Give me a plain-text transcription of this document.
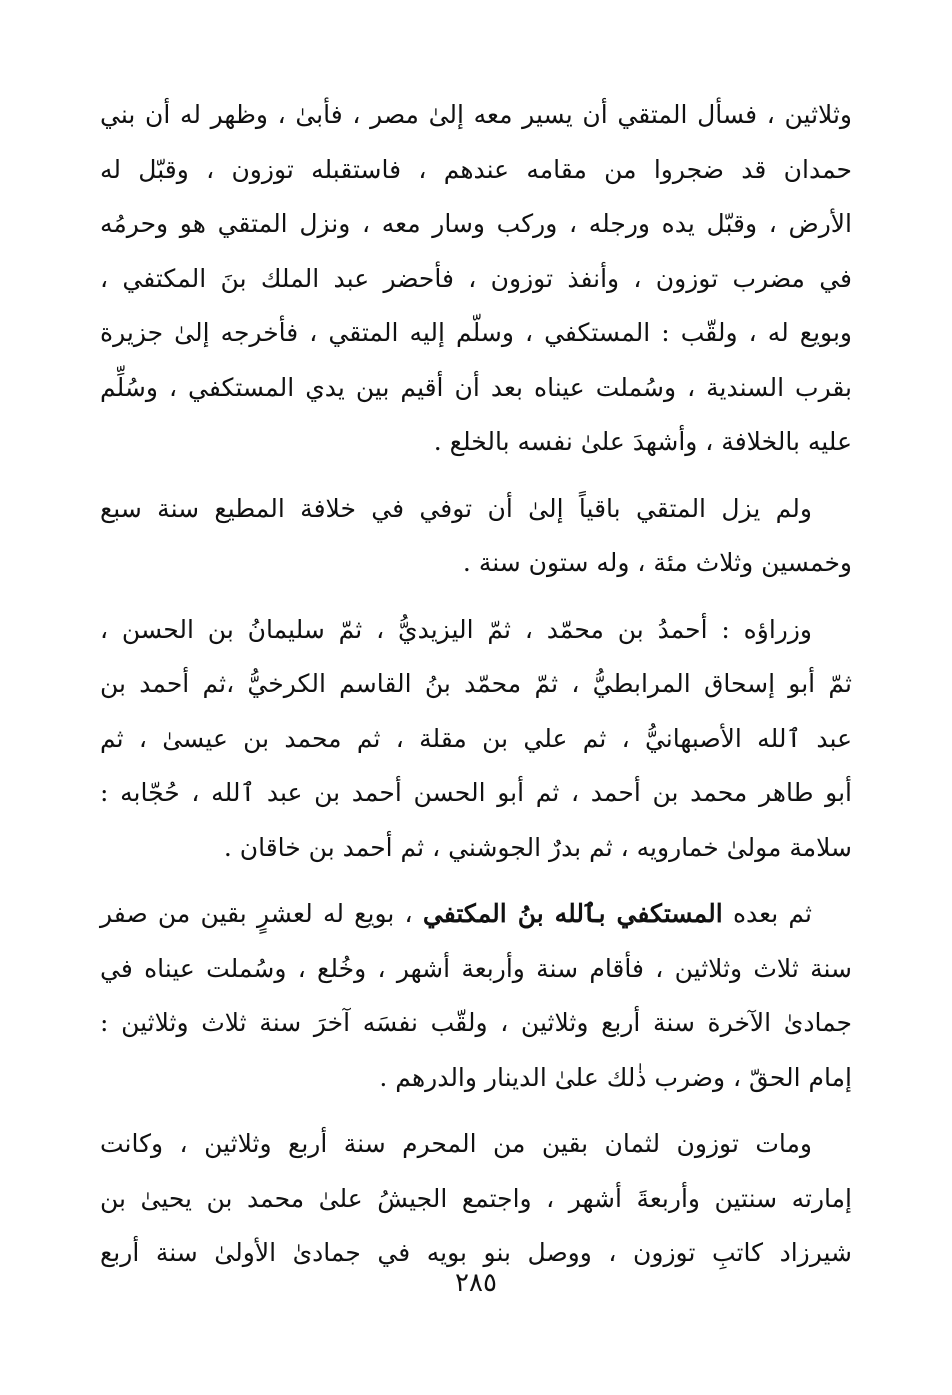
وثلاثين ، فسأل المتقي أن يسير معه إلىٰ مصر ، فأبىٰ ، وظهر له أن بني
حمدان قد ضجروا من مقامه عندهم ، فاستقبله توزون ، وقبّل له
الأرض ، وقبّل يده ورجله ، وركب وسار معه ، ونزل المتقي هو وحرمُه
في مضرب توزون ، وأنفذ توزون ، فأحضر عبد الملك بنَ المكتفي ،
وبويع له ، ولقّب : المستكفي ، وسلّم إليه المتقي ، فأخرجه إلىٰ جزيرة
بقرب السندية ، وسُملت عيناه بعد أن أقيم بين يدي المستكفي ، وسُلِّم
عليه بالخلافة ، وأشهدَ علىٰ نفسه بالخلع .
ولم يزل المتقي باقياً إلىٰ أن توفي في خلافة المطيع سنة سبع
وخمسين وثلاث مئة ، وله ستون سنة .
وزراؤه : أحمدُ بن محمّد ، ثمّ اليزيديُّ ، ثمّ سليمانُ بن الحسن ،
ثمّ أبو إسحاق المرابطيُّ ، ثمّ محمّد بنُ القاسم الكرخيُّ ،ثم أحمد بن
عبد ٱلله الأصبهانيُّ ، ثم علي بن مقلة ، ثم محمد بن عيسىٰ ، ثم
أبو طاهر محمد بن أحمد ، ثم أبو الحسن أحمد بن عبد ٱلله ، حُجّابه :
سلامة مولىٰ خمارويه ، ثم بدرٌ الجوشني ، ثم أحمد بن خاقان .
ثم بعده المستكفي بٱلله بنُ المكتفي ، بويع له لعشرٍ بقين من صفر
سنة ثلاث وثلاثين ، فأقام سنة وأربعة أشهر ، وخُلع ، وسُملت عيناه في
جمادىٰ الآخرة سنة أربع وثلاثين ، ولقّب نفسَه آخرَ سنة ثلاث وثلاثين :
إمام الحقّ ، وضرب ذٰلك علىٰ الدينار والدرهم .
ومات توزون لثمان بقين من المحرم سنة أربع وثلاثين ، وكانت
إمارته سنتين وأربعةَ أشهر ، واجتمع الجيشُ علىٰ محمد بن يحيىٰ بن
شيرزاد كاتبِ توزون ، ووصل بنو بويه في جمادىٰ الأولىٰ سنة أربع
٢٨٥
